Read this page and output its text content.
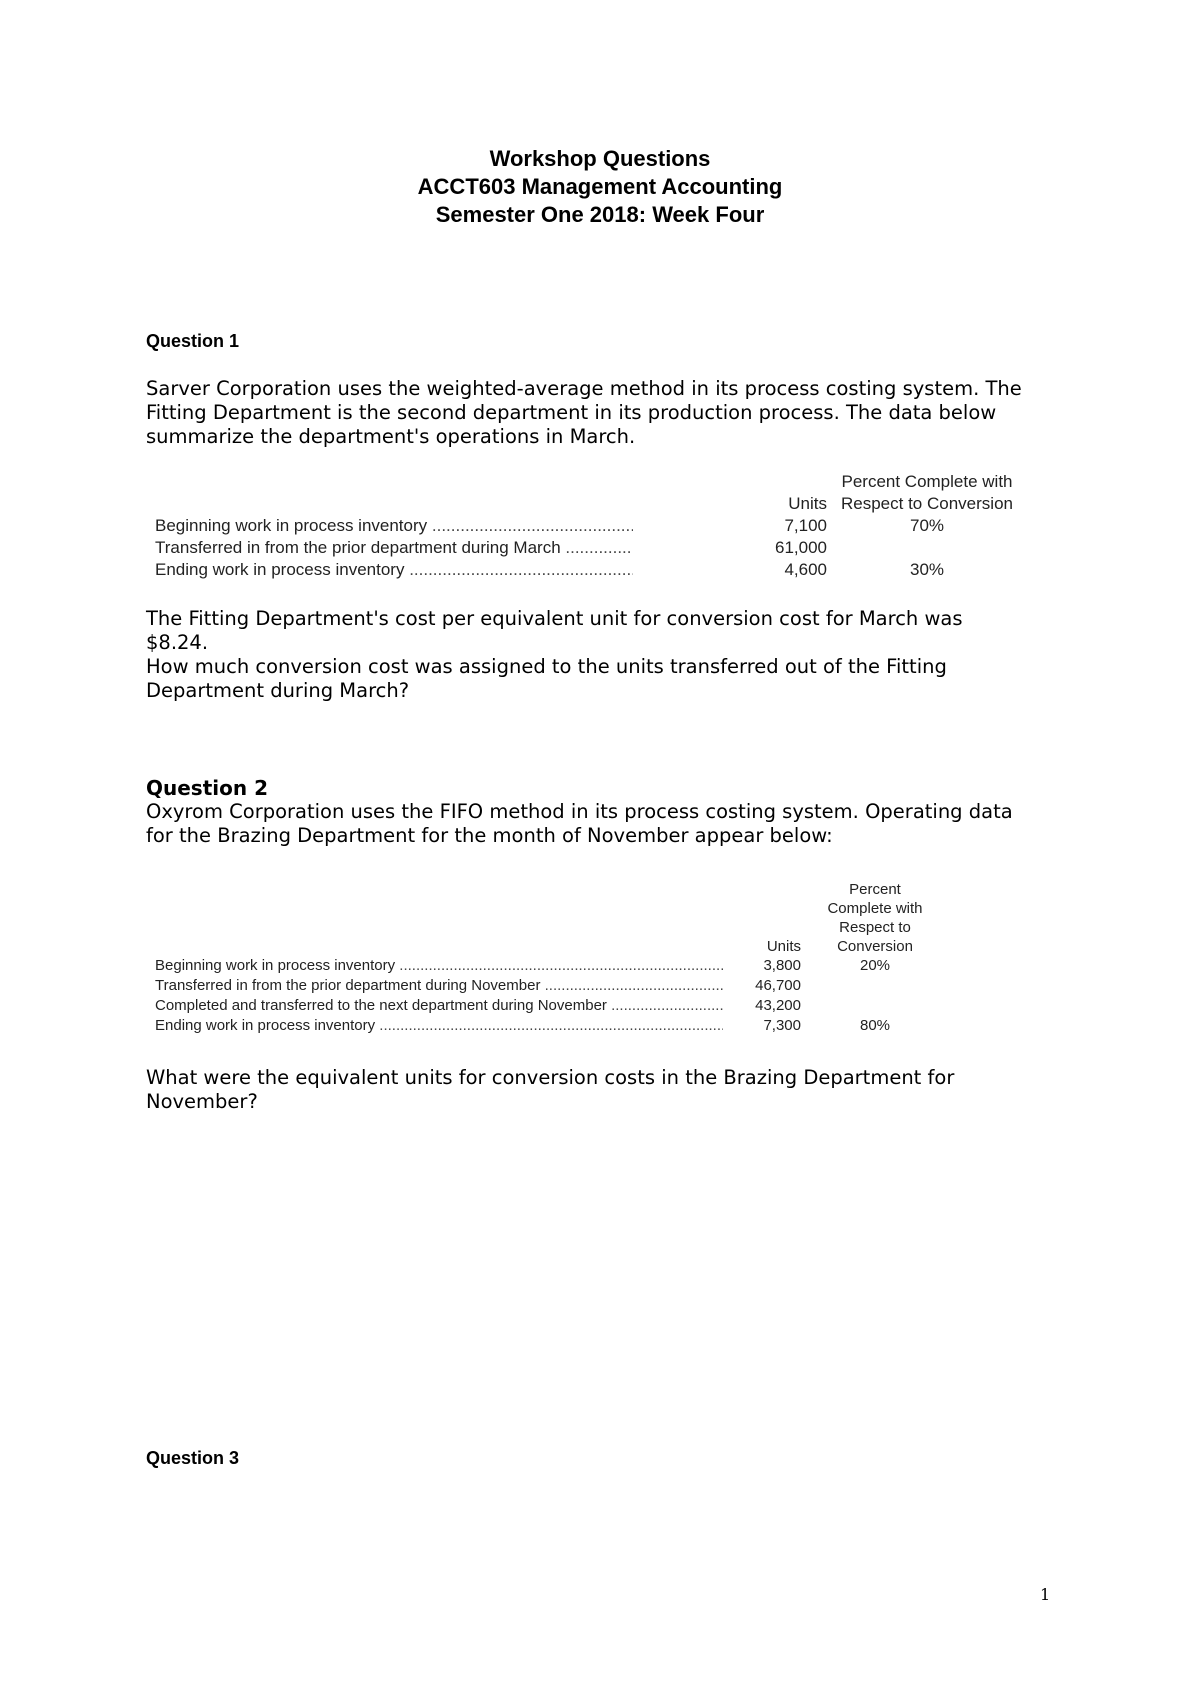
Workshop Questions
ACCT603 Management Accounting
Semester One 2018: Week Four
Question 1
Sarver Corporation uses the weighted-average method in its process costing system. The
Fitting Department is the second department in its production process. The data below
summarize the department's operations in March.
Percent Complete with
Respect to Conversion
Units
Beginning work in process inventory .....	7,100	70%
Transferred in from the prior department during March .....	61,000
Ending work in process inventory .....	4,600	30%
The Fitting Department's cost per equivalent unit for conversion cost for March was
$8.24.
How much conversion cost was assigned to the units transferred out of the Fitting
Department during March?
Question 2
Oxyrom Corporation uses the FIFO method in its process costing system. Operating data
for the Brazing Department for the month of November appear below:
Percent
Complete with
Respect to
Conversion
Units
Beginning work in process inventory .....	3,800	20%
Transferred in from the prior department during November .....	46,700
Completed and transferred to the next department during November .....	43,200
Ending work in process inventory .....	7,300	80%
What were the equivalent units for conversion costs in the Brazing Department for
November?
Question 3
1
